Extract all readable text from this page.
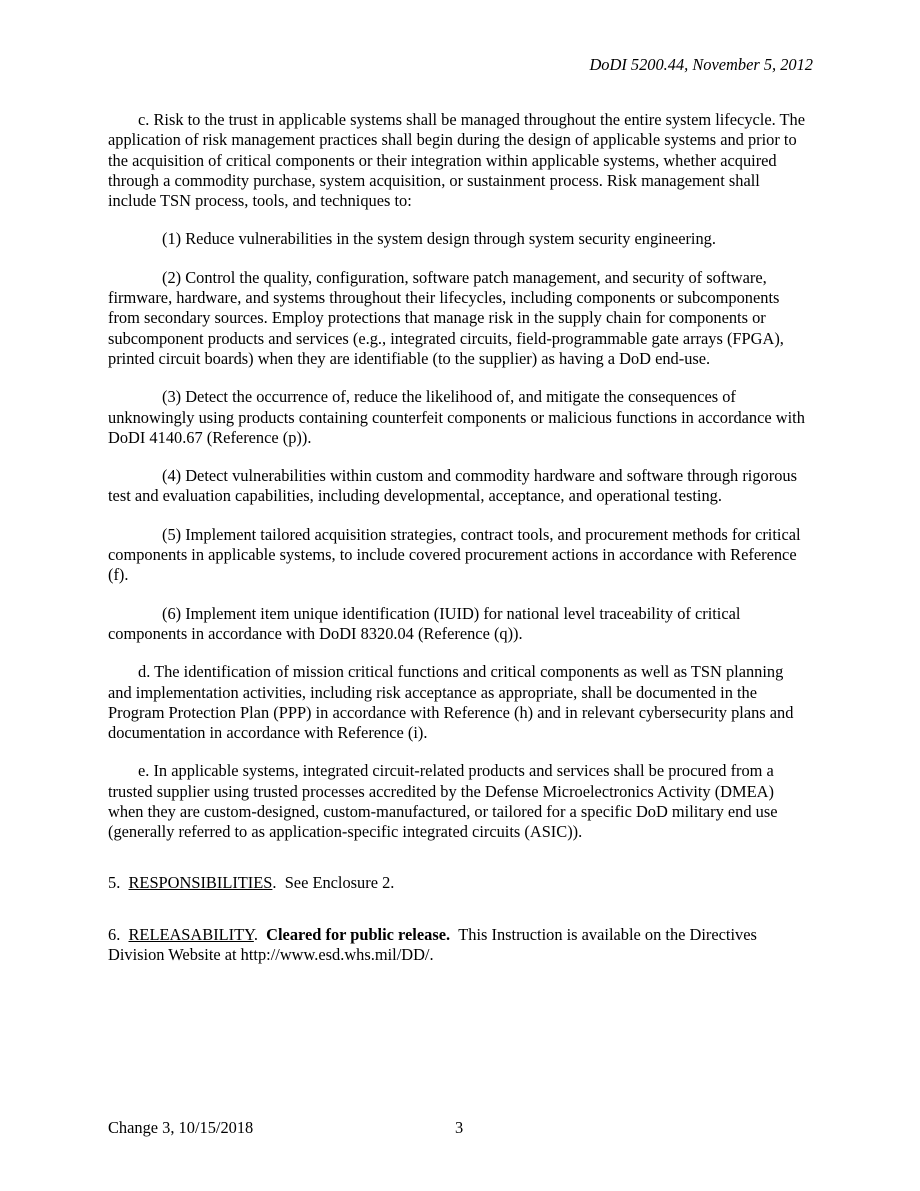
DoDI 5200.44, November 5, 2012

c. Risk to the trust in applicable systems shall be managed throughout the entire system lifecycle. The application of risk management practices shall begin during the design of applicable systems and prior to the acquisition of critical components or their integration within applicable systems, whether acquired through a commodity purchase, system acquisition, or sustainment process. Risk management shall include TSN process, tools, and techniques to:

(1) Reduce vulnerabilities in the system design through system security engineering.

(2) Control the quality, configuration, software patch management, and security of software, firmware, hardware, and systems throughout their lifecycles, including components or subcomponents from secondary sources. Employ protections that manage risk in the supply chain for components or subcomponent products and services (e.g., integrated circuits, field-programmable gate arrays (FPGA), printed circuit boards) when they are identifiable (to the supplier) as having a DoD end-use.

(3) Detect the occurrence of, reduce the likelihood of, and mitigate the consequences of unknowingly using products containing counterfeit components or malicious functions in accordance with DoDI 4140.67 (Reference (p)).

(4) Detect vulnerabilities within custom and commodity hardware and software through rigorous test and evaluation capabilities, including developmental, acceptance, and operational testing.

(5) Implement tailored acquisition strategies, contract tools, and procurement methods for critical components in applicable systems, to include covered procurement actions in accordance with Reference (f).

(6) Implement item unique identification (IUID) for national level traceability of critical components in accordance with DoDI 8320.04 (Reference (q)).

d. The identification of mission critical functions and critical components as well as TSN planning and implementation activities, including risk acceptance as appropriate, shall be documented in the Program Protection Plan (PPP) in accordance with Reference (h) and in relevant cybersecurity plans and documentation in accordance with Reference (i).

e. In applicable systems, integrated circuit-related products and services shall be procured from a trusted supplier using trusted processes accredited by the Defense Microelectronics Activity (DMEA) when they are custom-designed, custom-manufactured, or tailored for a specific DoD military end use (generally referred to as application-specific integrated circuits (ASIC)).

5. RESPONSIBILITIES.  See Enclosure 2.

6. RELEASABILITY.  Cleared for public release. This Instruction is available on the Directives Division Website at http://www.esd.whs.mil/DD/.

Change 3, 10/15/2018	3
